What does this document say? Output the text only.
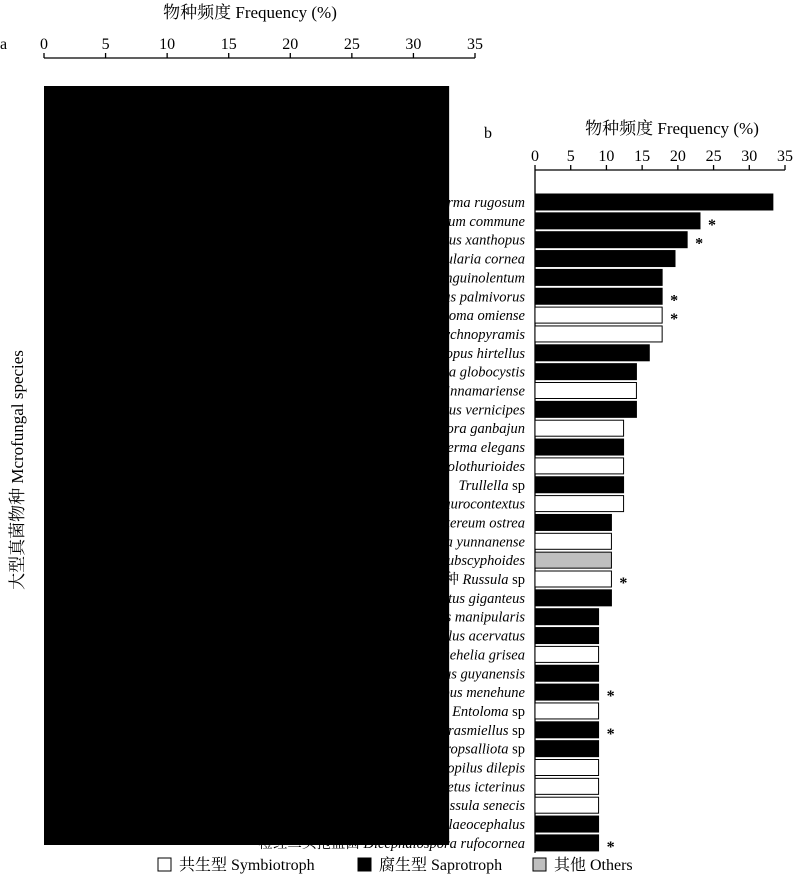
a
物种频度 Frequency (%)
0	5	10	15	20	25	30	35
大型真菌物种 Mcrofungal species
b	物种频度 Frequency (%)
0 5 10 15 20 25 30 35
皱盖血芝 Sanguinoderma rugosum
裂褶菌 Schizophyllum commune
盏枝小孔菌 Microporus xanthopus
角质木耳 Auricularia cornea
血痕韧革菌 Stereum sanguinolentum
棕榈小皮伞 Marasmius palmivorus
黄条纹粉褶蕈 Entoloma omiense
残托鹅膏 Amanita sychnopyramis
毛纹裸柄伞 Gymnopus hirtellus
球囊小蘑菇 Micropsalliota globocystis
碗豆形硬皮马勃 Scleroderma sinnamariense
褐小孔菌 Microporus vernicipes
干巴菌 Thelephora ganbajun
多疣波边革菌 Cymatoderma elegans
锐棘秃马勃 Calvatia holothurioides
Trullella sp
黄肉条孢牛肝菌 Boletellus aurocontextus
轮纹韧革菌 Stereum ostrea
橘色硬皮马勃 Scleroderma yunnanense
近杯状斜盖伞 Clitopilus subscyphoides
红菇属一种 Russula sp
巨大侧耳 Pleurotus giganteus
簇生小管菌 Filoboletus manipularis
从生棱孔菌 Favolus acervatus
灰白亚侧耳 Hohenbuehelia grisea
圭亚那小皮伞 Marasmius guyanensis
梅内胡裸脚伞 Gymnopus menehune
粉褶菌属 Entoloma sp
微皮伞属 Marasmiellus sp
小蘑菇属 Micropsalliota sp
热带紫褐裸伞 Gymnopilus dilepis
黄疸粉末牛肝菌 Pulveroboletus icterinus
点柄黄红菇 Russula senecis
油盖小皮伞 Marasmius elaeocephalus
橙红二头孢盘菌 Dicephalospora rufocornea
*
*
*
*
*
*
*
*
共生型 Symbiotroph	腐生型 Saprotroph	其他 Others
